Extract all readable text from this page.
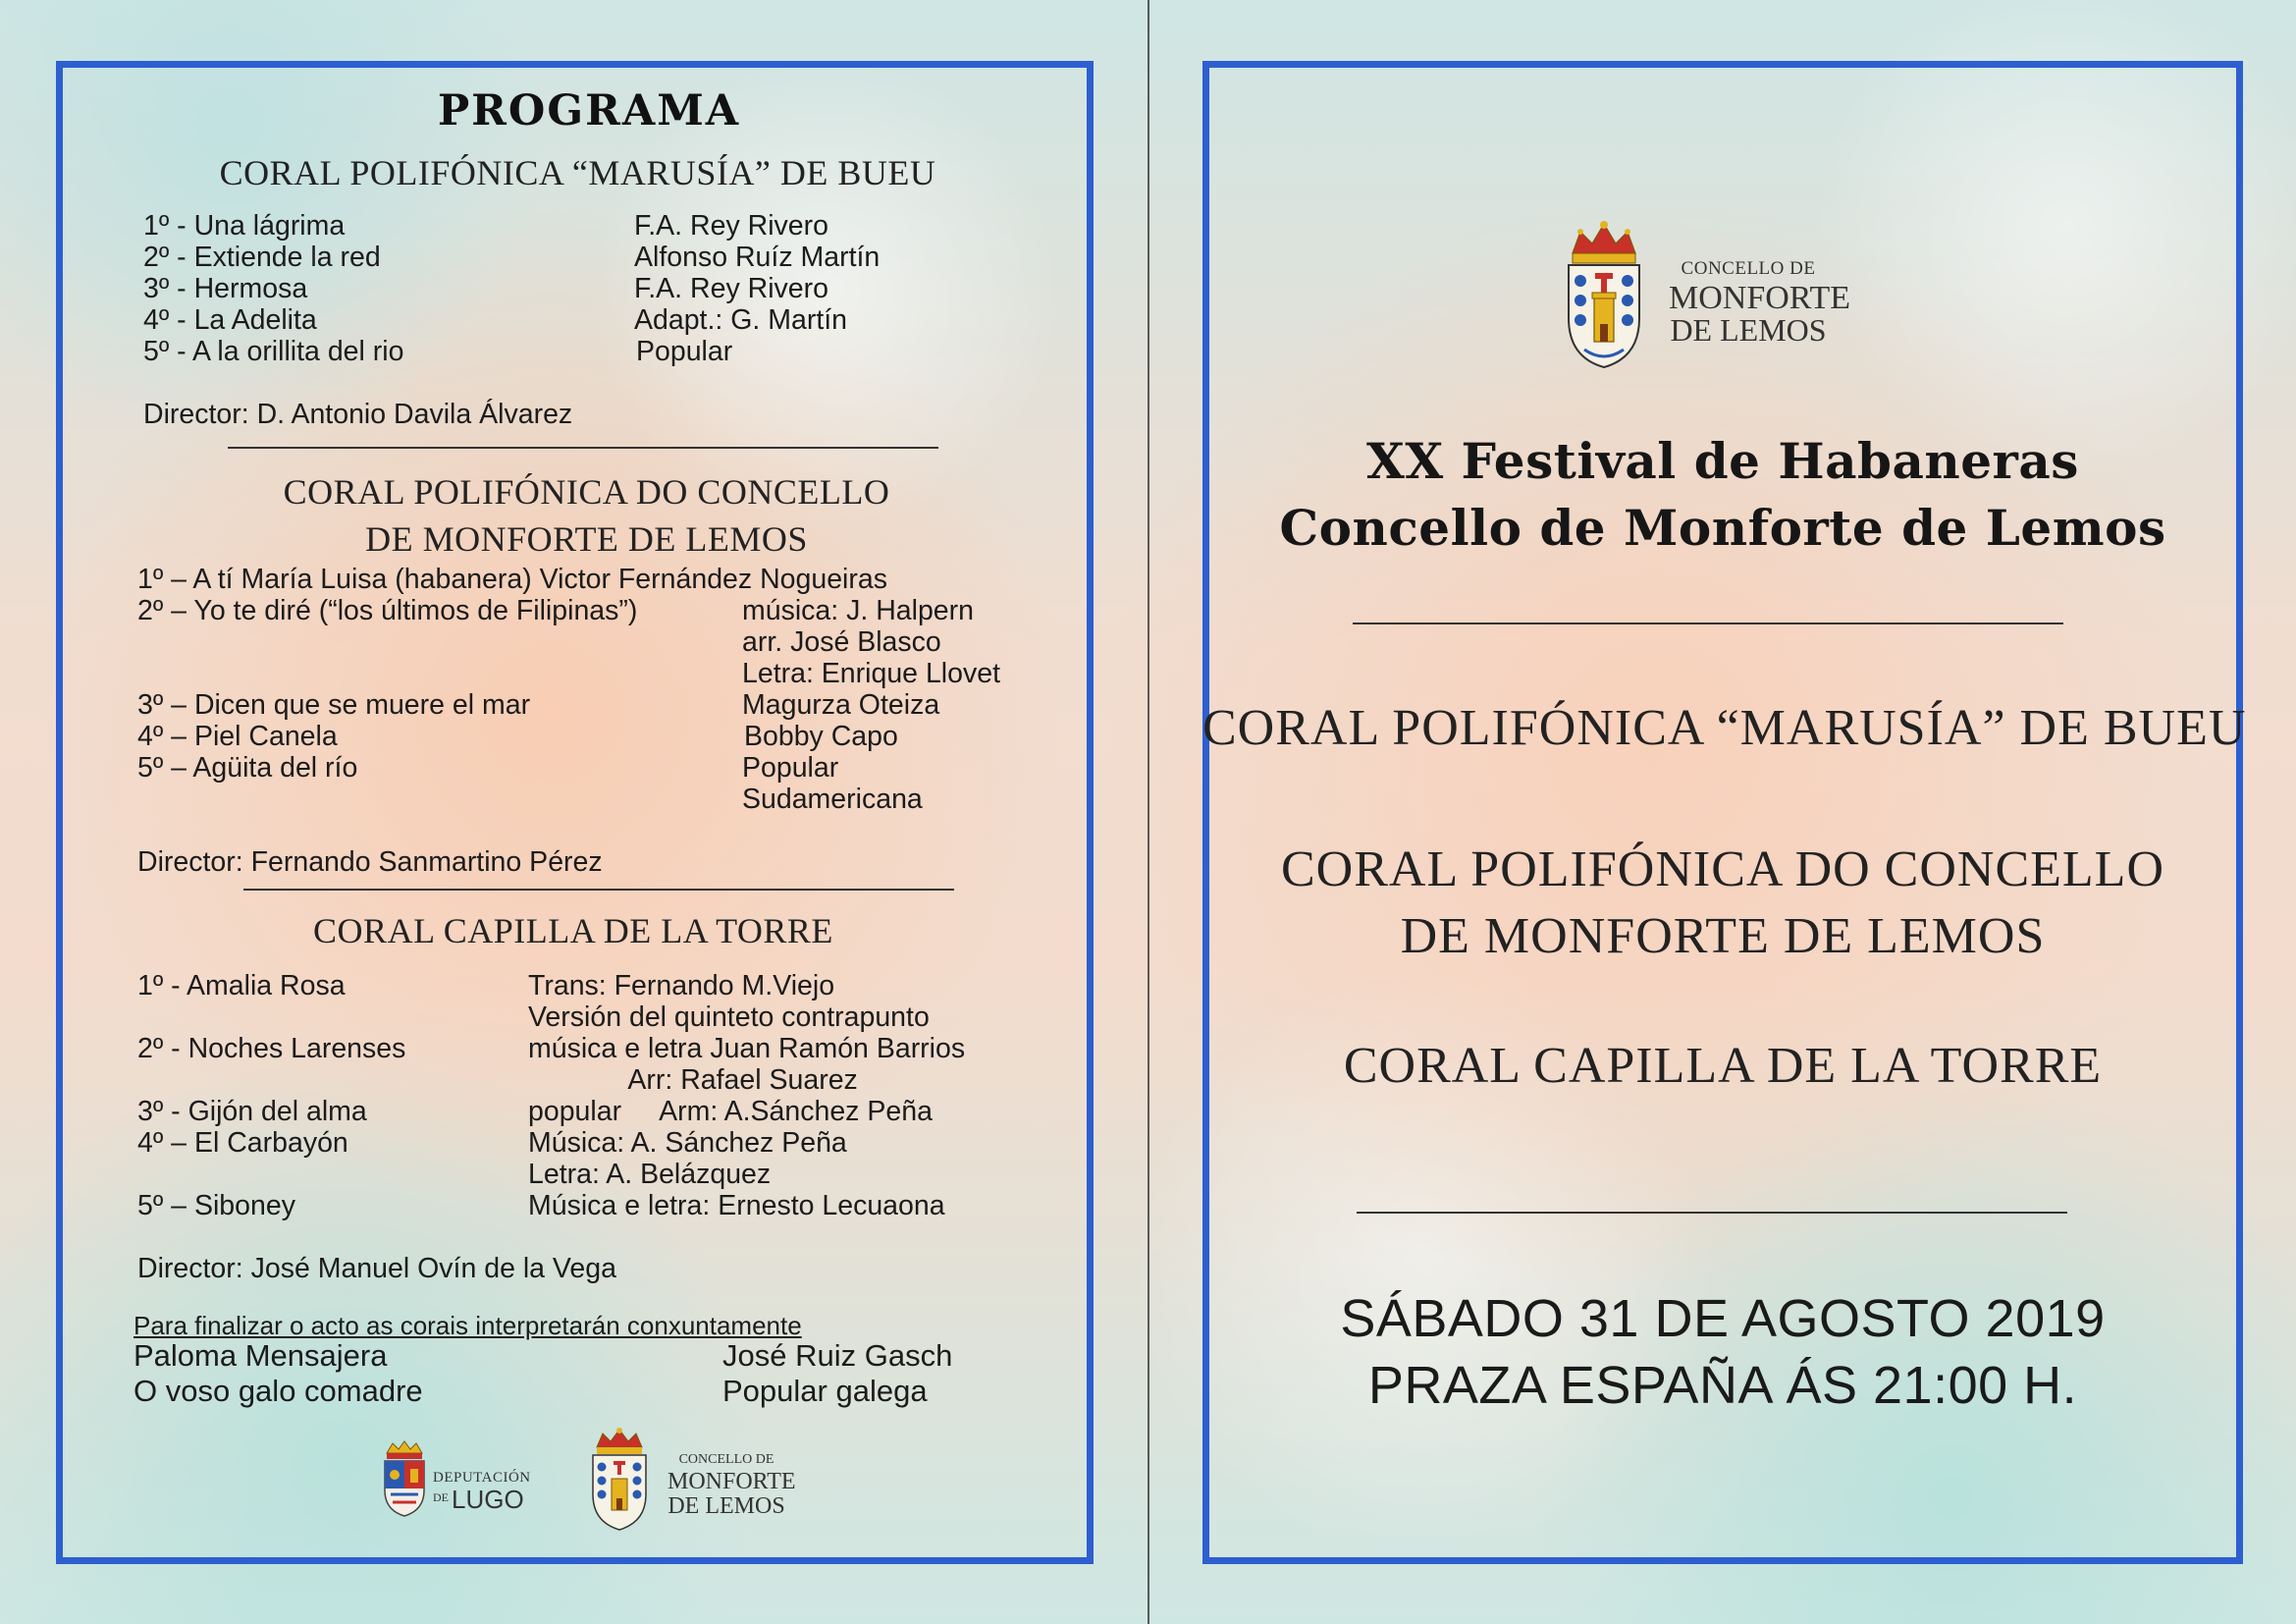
PROGRAMA
CORAL POLIFÓNICA “MARUSÍA” DE BUEU
1º - Una lágrima	F.A. Rey Rivero
2º - Extiende la red	Alfonso Ruíz Martín
3º - Hermosa	F.A. Rey Rivero
4º - La Adelita	Adapt.: G. Martín
5º - A la orillita del rio	Popular
Director: D. Antonio Davila Álvarez
CORAL POLIFÓNICA DO CONCELLO
DE MONFORTE DE LEMOS
1º – A tí María Luisa (habanera) Victor Fernández Nogueiras
2º – Yo te diré (“los últimos de Filipinas”)	música: J. Halpern
arr. José Blasco
Letra: Enrique Llovet
3º – Dicen que se muere el mar	Magurza Oteiza
4º – Piel Canela	Bobby Capo
5º – Agüita del río	Popular
Sudamericana
Director: Fernando Sanmartino Pérez
CORAL CAPILLA DE LA TORRE
1º - Amalia Rosa	Trans: Fernando M.Viejo
Versión del quinteto contrapunto
2º - Noches Larenses	música e letra Juan Ramón Barrios
Arr: Rafael Suarez
3º - Gijón del alma	popular     Arm: A.Sánchez Peña
4º – El Carbayón	Música: A. Sánchez Peña
Letra: A. Belázquez
5º – Siboney	Música e letra: Ernesto Lecuaona
Director: José Manuel Ovín de la Vega
Para finalizar o acto as corais interpretarán conxuntamente
Paloma Mensajera	José Ruiz Gasch
O voso galo comadre	Popular galega
DEPUTACIÓN
DE LUGO
CONCELLO DE
MONFORTE
DE LEMOS
CONCELLO DE
MONFORTE
DE LEMOS
XX Festival de Habaneras
Concello de Monforte de Lemos
CORAL POLIFÓNICA “MARUSÍA” DE BUEU
CORAL POLIFÓNICA DO CONCELLO
DE MONFORTE DE LEMOS
CORAL CAPILLA DE LA TORRE
SÁBADO 31 DE AGOSTO 2019
PRAZA ESPAÑA ÁS 21:00 H.
